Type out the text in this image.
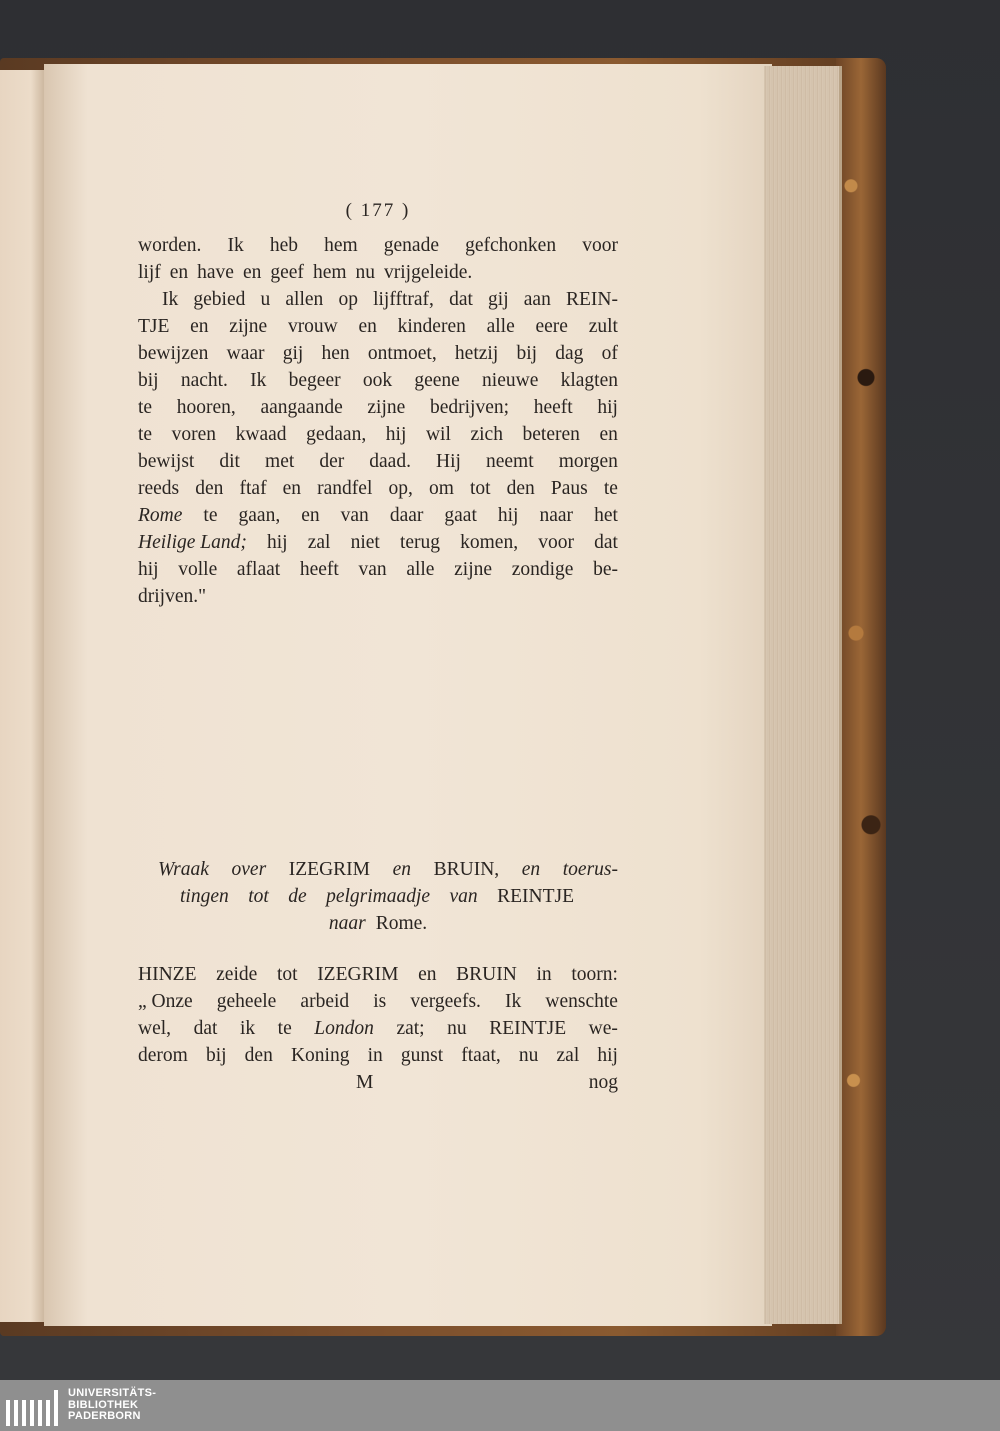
( 177 )
worden. Ik heb hem genade gefchonken voor
lijf en have en geef hem nu vrijgeleide.
Ik gebied u allen op lijfftraf, dat gij aan REIN-
TJE en zijne vrouw en kinderen alle eere zult
bewijzen waar gij hen ontmoet, hetzij bij dag of
bij nacht. Ik begeer ook geene nieuwe klagten
te hooren, aangaande zijne bedrijven; heeft hij
te voren kwaad gedaan, hij wil zich beteren en
bewijst dit met der daad. Hij neemt morgen
reeds den ftaf en randfel op, om tot den Paus te
Rome te gaan, en van daar gaat hij naar het
Heilige Land; hij zal niet terug komen, voor dat
hij volle aflaat heeft van alle zijne zondige be-
drijven."
Wraak over IZEGRIM en BRUIN, en toerus-
tingen tot de pelgrimaadje van REINTJE
naar Rome.
HINZE zeide tot IZEGRIM en BRUIN in toorn:
„ Onze geheele arbeid is vergeefs. Ik wenschte
wel, dat ik te London zat; nu REINTJE we-
derom bij den Koning in gunst ftaat, nu zal hij
M	nog
UNIVERSITÄTS-
BIBLIOTHEK
PADERBORN
